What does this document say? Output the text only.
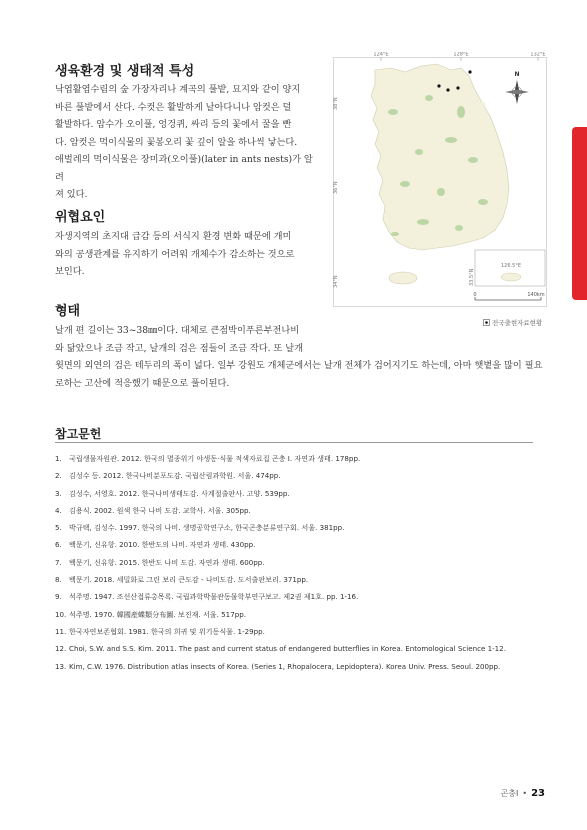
생육환경 및 생태적 특성
낙엽활엽수림의 숲 가장자리나 계곡의 풀밭, 묘지와 같이 양지
바른 풀밭에서 산다. 수컷은 활발하게 날아다니나 암컷은 덜
활발하다. 암수가 오이풀, 엉겅퀴, 싸리 등의 꽃에서 꿀을 빤
다. 암컷은 먹이식물의 꽃봉오리 꽃 깊이 알을 하나씩 낳는다.
애벌레의 먹이식물은 장미과(오이풀)(later in ants nests)가 알려
져 있다.
위협요인
자생지역의 초지대 급감 등의 서식지 환경 변화 때문에 개미
와의 공생관계를 유지하기 어려워 개체수가 감소하는 것으로
보인다.
형태
날개 편 길이는 33~38㎜이다. 대체로 큰점박이푸른부전나비
와 닮았으나 조금 작고, 날개의 검은 점들이 조금 작다. 또 날개
윗면의 외연의 검은 테두리의 폭이 넓다. 일부 강원도 개체군에서는 날개 전체가 검어지기도 하는데, 아마 햇볕을 많이 필요
로하는 고산에 적응했기 때문으로 풀이된다.
124°E	128°E	132°E
38°N
36°N
34°N
N
126.5°E
33.5°N
0	140km
전국출현자료현황
참고문헌
1.	국립생물자원관. 2012. 한국의 멸종위기 야생동·식물 적색자료집 곤충 I. 자연과 생태. 178pp.
2.	김성수 등. 2012. 한국나비분포도감. 국립산림과학원. 서울. 474pp.
3.	김성수, 서영호. 2012. 한국나비생태도감. 사계절출판사. 고양. 539pp.
4.	김용식. 2002. 원색 한국 나비 도감. 교학사. 서울. 305pp.
5.	박규택, 김성수. 1997. 한국의 나비. 생명공학연구소, 한국곤충분류연구회. 서울. 381pp.
6.	백문기, 신유항. 2010. 한반도의 나비. 자연과 생태. 430pp.
7.	백문기, 신유항. 2015. 한반도 나비 도감. 자연과 생태. 600pp.
8.	백문기. 2018. 세밀화로 그린 보리 큰도감 - 나비도감. 도서출판보리. 371pp.
9.	석주명. 1947. 조선산접류총목록. 국립과학박물관동물학부연구보고. 제2권 제1호. pp. 1-16.
10. 석주명. 1970. 韓國産蝶類分布圖. 보진재. 서울. 517pp.
11. 한국자연보존협회. 1981. 한국의 희귀 및 위기동식물. 1-29pp.
12. Choi, S.W. and S.S. Kim. 2011. The past and current status of endangered butterflies in Korea. Entomological Science 1-12.
13. Kim, C.W. 1976. Distribution atlas insects of Korea. (Series 1, Rhopalocera, Lepidoptera). Korea Univ. Press. Seoul. 200pp.
곤충Ⅰ • 23
